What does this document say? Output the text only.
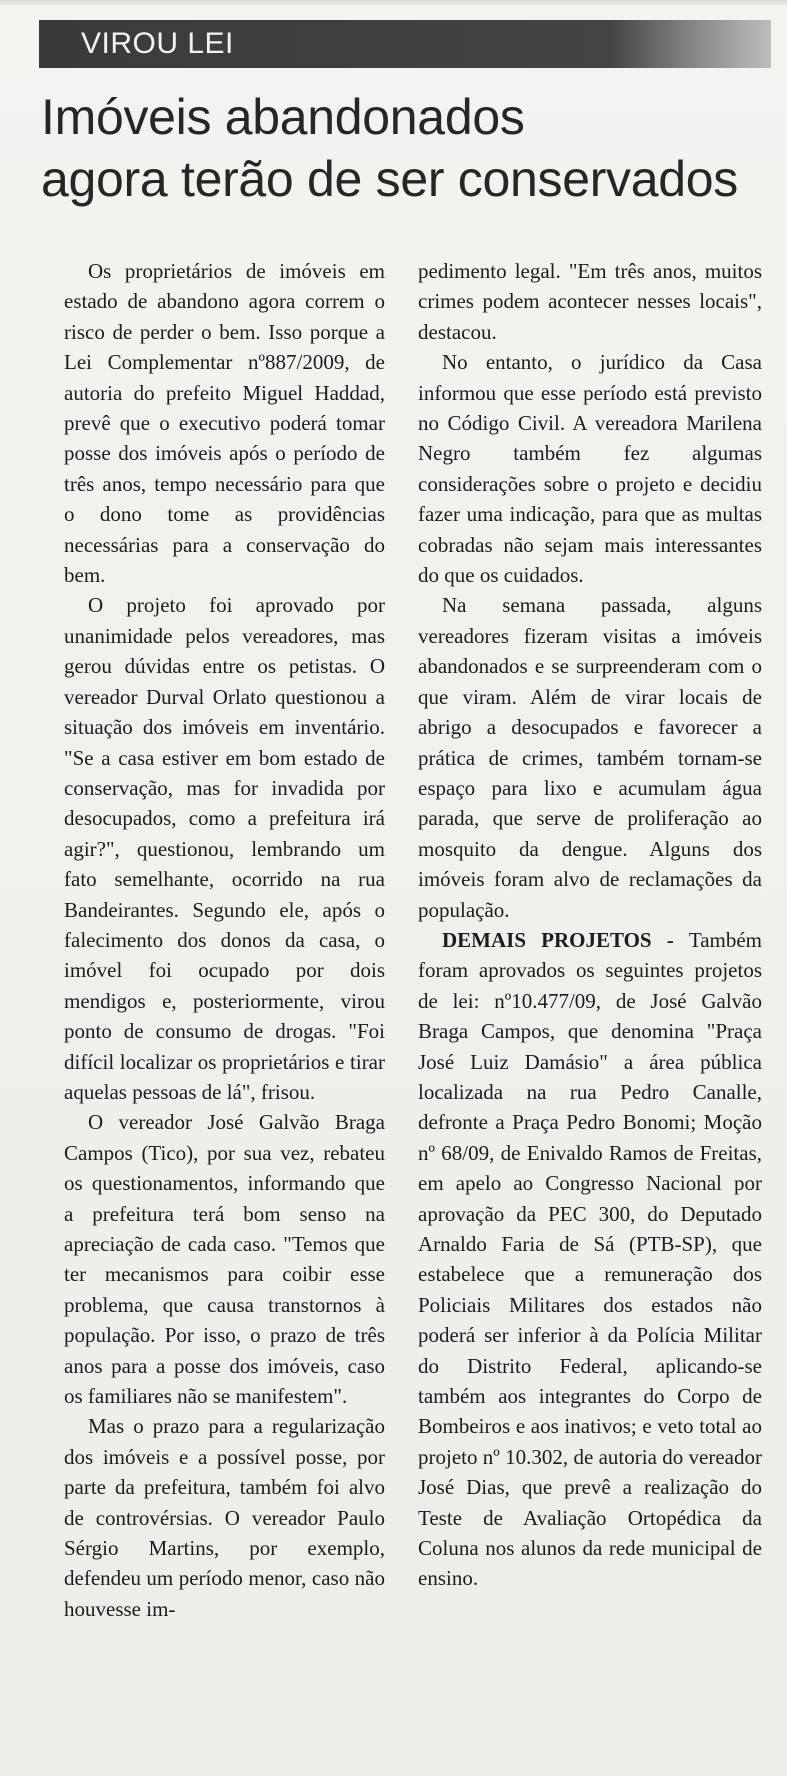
VIROU LEI
Imóveis abandonados
agora terão de ser conservados

Os proprietários de imóveis em estado de abandono agora correm o risco de perder o bem. Isso porque a Lei Complementar nº887/2009, de autoria do prefeito Miguel Haddad, prevê que o executivo poderá tomar posse dos imóveis após o período de três anos, tempo necessário para que o dono tome as providências necessárias para a conservação do bem.

O projeto foi aprovado por unanimidade pelos vereadores, mas gerou dúvidas entre os petistas. O vereador Durval Orlato questionou a situação dos imóveis em inventário. "Se a casa estiver em bom estado de conservação, mas for invadida por desocupados, como a prefeitura irá agir?", questionou, lembrando um fato semelhante, ocorrido na rua Bandeirantes. Segundo ele, após o falecimento dos donos da casa, o imóvel foi ocupado por dois mendigos e, posteriormente, virou ponto de consumo de drogas. "Foi difícil localizar os proprietários e tirar aquelas pessoas de lá", frisou.

O vereador José Galvão Braga Campos (Tico), por sua vez, rebateu os questionamentos, informando que a prefeitura terá bom senso na apreciação de cada caso. "Temos que ter mecanismos para coibir esse problema, que causa transtornos à população. Por isso, o prazo de três anos para a posse dos imóveis, caso os familiares não se manifestem".

Mas o prazo para a regularização dos imóveis e a possível posse, por parte da prefeitura, também foi alvo de controvérsias. O vereador Paulo Sérgio Martins, por exemplo, defendeu um período menor, caso não houvesse im-

pedimento legal. "Em três anos, muitos crimes podem acontecer nesses locais", destacou.

No entanto, o jurídico da Casa informou que esse período está previsto no Código Civil. A vereadora Marilena Negro também fez algumas considerações sobre o projeto e decidiu fazer uma indicação, para que as multas cobradas não sejam mais interessantes do que os cuidados.

Na semana passada, alguns vereadores fizeram visitas a imóveis abandonados e se surpreenderam com o que viram. Além de virar locais de abrigo a desocupados e favorecer a prática de crimes, também tornam-se espaço para lixo e acumulam água parada, que serve de proliferação ao mosquito da dengue. Alguns dos imóveis foram alvo de reclamações da população.

DEMAIS PROJETOS - Também foram aprovados os seguintes projetos de lei: nº10.477/09, de José Galvão Braga Campos, que denomina "Praça José Luiz Damásio" a área pública localizada na rua Pedro Canalle, defronte a Praça Pedro Bonomi; Moção nº 68/09, de Enivaldo Ramos de Freitas, em apelo ao Congresso Nacional por aprovação da PEC 300, do Deputado Arnaldo Faria de Sá (PTB-SP), que estabelece que a remuneração dos Policiais Militares dos estados não poderá ser inferior à da Polícia Militar do Distrito Federal, aplicando-se também aos integrantes do Corpo de Bombeiros e aos inativos; e veto total ao projeto nº 10.302, de autoria do vereador José Dias, que prevê a realização do Teste de Avaliação Ortopédica da Coluna nos alunos da rede municipal de ensino.
